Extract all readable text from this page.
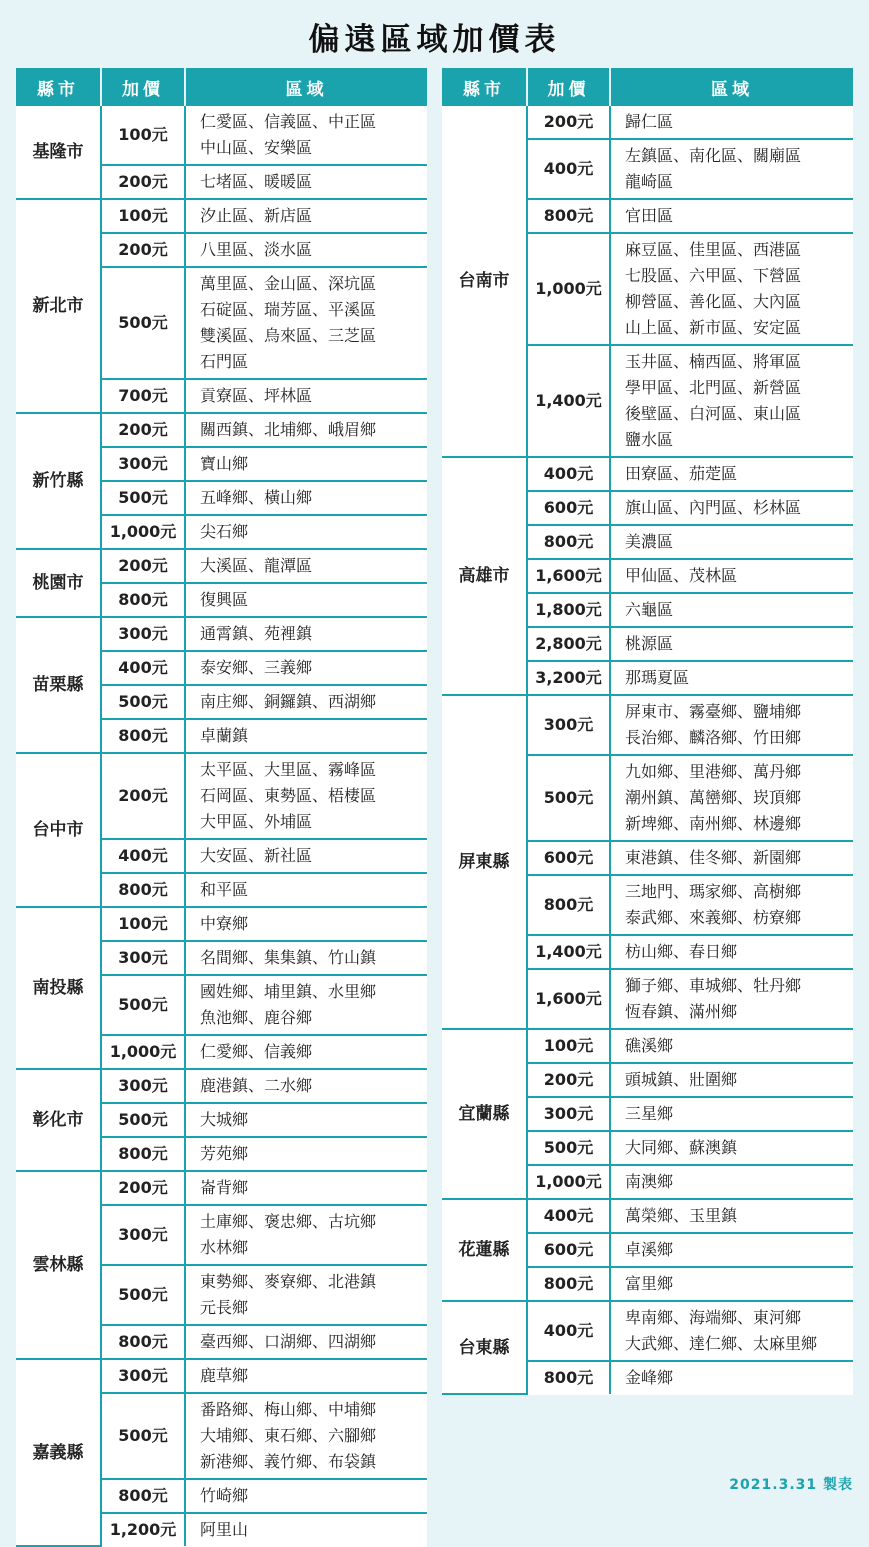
偏遠區域加價表
縣市	加價	區域
基隆市	100元	仁愛區、信義區、中正區
中山區、安樂區

	200元	七堵區、暖暖區

新北市	100元	汐止區、新店區

	200元	八里區、淡水區

	500元	萬里區、金山區、深坑區
石碇區、瑞芳區、平溪區
雙溪區、烏來區、三芝區
石門區

	700元	貢寮區、坪林區

新竹縣	200元	關西鎮、北埔鄉、峨眉鄉

	300元	寶山鄉

	500元	五峰鄉、橫山鄉

	1,000元	尖石鄉

桃園市	200元	大溪區、龍潭區

	800元	復興區

苗栗縣	300元	通霄鎮、苑裡鎮

	400元	泰安鄉、三義鄉

	500元	南庄鄉、銅鑼鎮、西湖鄉

	800元	卓蘭鎮

台中市	200元	太平區、大里區、霧峰區
石岡區、東勢區、梧棲區
大甲區、外埔區

	400元	大安區、新社區

	800元	和平區

南投縣	100元	中寮鄉

	300元	名間鄉、集集鎮、竹山鎮

	500元	國姓鄉、埔里鎮、水里鄉
魚池鄉、鹿谷鄉

	1,000元	仁愛鄉、信義鄉

彰化市	300元	鹿港鎮、二水鄉

	500元	大城鄉

	800元	芳苑鄉

雲林縣	200元	崙背鄉

	300元	土庫鄉、褒忠鄉、古坑鄉
水林鄉

	500元	東勢鄉、麥寮鄉、北港鎮
元長鄉

	800元	臺西鄉、口湖鄉、四湖鄉

嘉義縣	300元	鹿草鄉

	500元	番路鄉、梅山鄉、中埔鄉
大埔鄉、東石鄉、六腳鄉
新港鄉、義竹鄉、布袋鎮

	800元	竹崎鄉

	1,200元	阿里山
縣市	加價	區域
台南市	200元	歸仁區

	400元	左鎮區、南化區、關廟區
龍崎區

	800元	官田區

	1,000元	麻豆區、佳里區、西港區
七股區、六甲區、下營區
柳營區、善化區、大內區
山上區、新市區、安定區

	1,400元	玉井區、楠西區、將軍區
學甲區、北門區、新營區
後壁區、白河區、東山區
鹽水區

高雄市	400元	田寮區、茄萣區

	600元	旗山區、內門區、杉林區

	800元	美濃區

	1,600元	甲仙區、茂林區

	1,800元	六龜區

	2,800元	桃源區

	3,200元	那瑪夏區

屏東縣	300元	屏東市、霧臺鄉、鹽埔鄉
長治鄉、麟洛鄉、竹田鄉

	500元	九如鄉、里港鄉、萬丹鄉
潮州鎮、萬巒鄉、崁頂鄉
新埤鄉、南州鄉、林邊鄉

	600元	東港鎮、佳冬鄉、新園鄉

	800元	三地門、瑪家鄉、高樹鄉
泰武鄉、來義鄉、枋寮鄉

	1,400元	枋山鄉、春日鄉

	1,600元	獅子鄉、車城鄉、牡丹鄉
恆春鎮、滿州鄉

宜蘭縣	100元	礁溪鄉

	200元	頭城鎮、壯圍鄉

	300元	三星鄉

	500元	大同鄉、蘇澳鎮

	1,000元	南澳鄉

花蓮縣	400元	萬榮鄉、玉里鎮

	600元	卓溪鄉

	800元	富里鄉

台東縣	400元	卑南鄉、海端鄉、東河鄉
大武鄉、達仁鄉、太麻里鄉

	800元	金峰鄉
2021.3.31 製表
